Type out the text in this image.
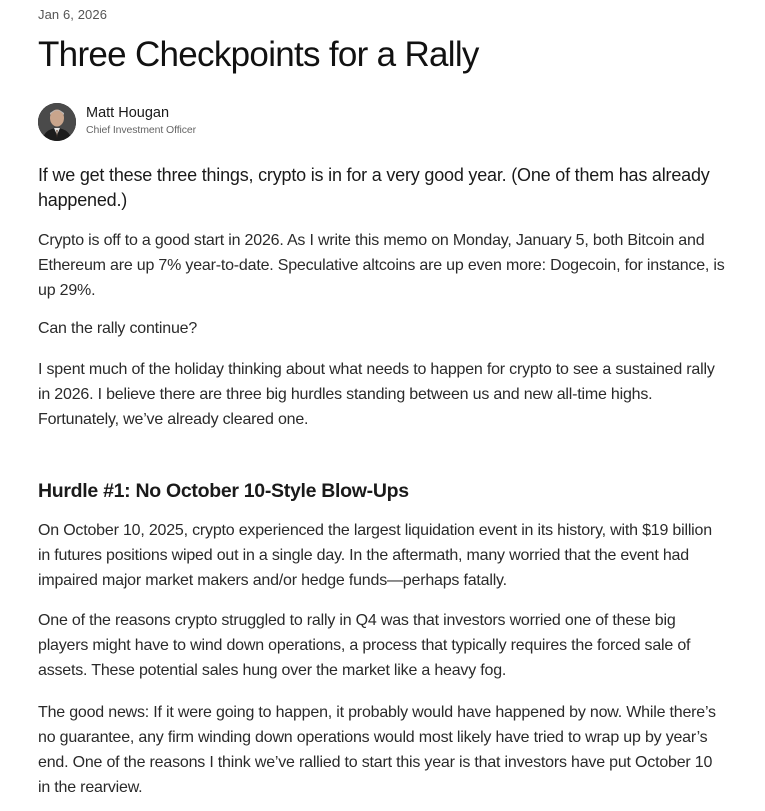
Jan 6, 2026
Three Checkpoints for a Rally
Matt Hougan
Chief Investment Officer

If we get these three things, crypto is in for a very good year. (One of them has already happened.)

Crypto is off to a good start in 2026. As I write this memo on Monday, January 5, both Bitcoin and Ethereum are up 7% year-to-date. Speculative altcoins are up even more: Dogecoin, for instance, is up 29%.

Can the rally continue?

I spent much of the holiday thinking about what needs to happen for crypto to see a sustained rally in 2026. I believe there are three big hurdles standing between us and new all-time highs. Fortunately, we’ve already cleared one.

Hurdle #1: No October 10-Style Blow-Ups

On October 10, 2025, crypto experienced the largest liquidation event in its history, with $19 billion in futures positions wiped out in a single day. In the aftermath, many worried that the event had impaired major market makers and/or hedge funds—perhaps fatally.

One of the reasons crypto struggled to rally in Q4 was that investors worried one of these big players might have to wind down operations, a process that typically requires the forced sale of assets. These potential sales hung over the market like a heavy fog.

The good news: If it were going to happen, it probably would have happened by now. While there’s no guarantee, any firm winding down operations would most likely have tried to wrap up by year’s end. One of the reasons I think we’ve rallied to start this year is that investors have put October 10 in the rearview.
